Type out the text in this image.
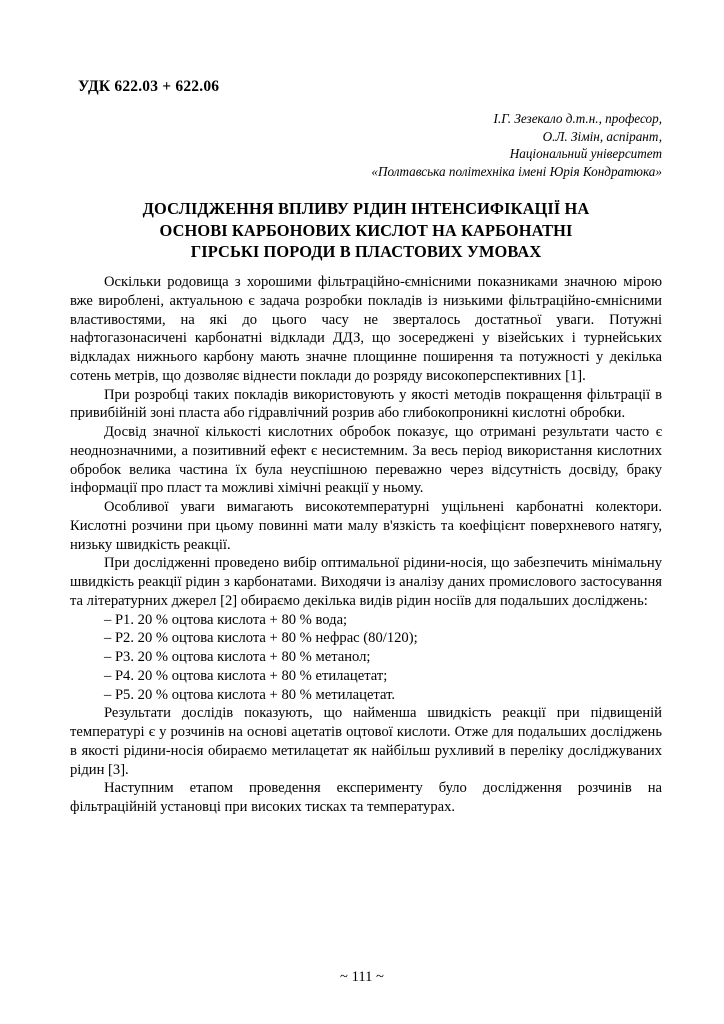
УДК 622.03 + 622.06
І.Г. Зезекало д.т.н., професор,
О.Л. Зімін, аспірант,
Національний університет
«Полтавська політехніка імені Юрія Кондратюка»
ДОСЛІДЖЕННЯ ВПЛИВУ РІДИН ІНТЕНСИФІКАЦІЇ НА
ОСНОВІ КАРБОНОВИХ КИСЛОТ НА КАРБОНАТНІ
ГІРСЬКІ ПОРОДИ В ПЛАСТОВИХ УМОВАХ

Оскільки родовища з хорошими фільтраційно-ємнісними показниками значною мірою вже вироблені, актуальною є задача розробки покладів із низькими фільтраційно-ємнісними властивостями, на які до цього часу не зверталось достатньої уваги. Потужні нафтогазонасичені карбонатні відклади ДДЗ, що зосереджені у візейських і турнейських відкладах нижнього карбону мають значне площинне поширення та потужності у декілька сотень метрів, що дозволяє віднести поклади до розряду високоперспективних [1].

При розробці таких покладів використовують у якості методів покращення фільтрації в привибійній зоні пласта або гідравлічний розрив або глибокопроникні кислотні обробки.

Досвід значної кількості кислотних обробок показує, що отримані результати часто є неоднозначними, а позитивний ефект є несистемним. За весь період використання кислотних обробок велика частина їх була неуспішною переважно через відсутність досвіду, браку інформації про пласт та можливі хімічні реакції у ньому.

Особливої уваги вимагають високотемпературні ущільнені карбонатні колектори. Кислотні розчини при цьому повинні мати малу в'язкість та коефіцієнт поверхневого натягу, низьку швидкість реакції.

При дослідженні проведено вибір оптимальної рідини-носія, що забезпечить мінімальну швидкість реакції рідин з карбонатами. Виходячи із аналізу даних промислового застосування та літературних джерел [2] обираємо декілька видів рідин носіїв для подальших досліджень:

– Р1. 20 % оцтова кислота + 80 % вода;
– Р2. 20 % оцтова кислота + 80 % нефрас (80/120);
– Р3. 20 % оцтова кислота + 80 % метанол;
– Р4. 20 % оцтова кислота + 80 % етилацетат;
– Р5. 20 % оцтова кислота + 80 % метилацетат.

Результати дослідів показують, що найменша швидкість реакції при підвищеній температурі є у розчинів на основі ацетатів оцтової кислоти. Отже для подальших досліджень в якості рідини-носія обираємо метилацетат як найбільш рухливий в переліку досліджуваних рідин [3].

Наступним етапом проведення експерименту було дослідження розчинів на фільтраційній установці при високих тисках та температурах.

~ 111 ~
